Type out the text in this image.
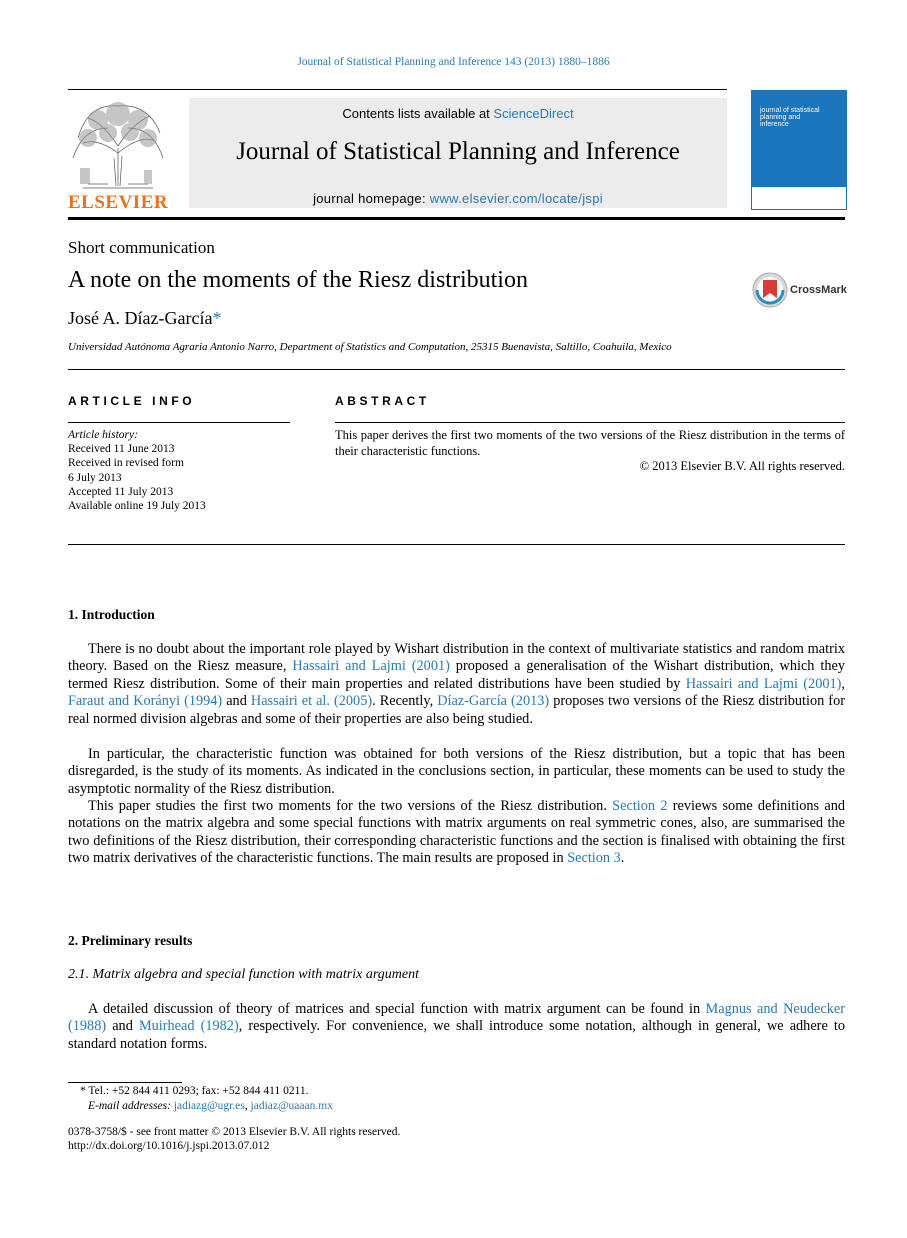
Journal of Statistical Planning and Inference 143 (2013) 1880–1886
ELSEVIER
Contents lists available at ScienceDirect
Journal of Statistical Planning and Inference
journal homepage: www.elsevier.com/locate/jspi
journal of statistical planning and inference
Short communication
A note on the moments of the Riesz distribution	CrossMark
José A. Díaz-García*
Universidad Autónoma Agraria Antonio Narro, Department of Statistics and Computation, 25315 Buenavista, Saltillo, Coahuila, Mexico
ARTICLE INFO
Article history:
Received 11 June 2013
Received in revised form
6 July 2013
Accepted 11 July 2013
Available online 19 July 2013
ABSTRACT
This paper derives the first two moments of the two versions of the Riesz distribution in the terms of their characteristic functions.
© 2013 Elsevier B.V. All rights reserved.
1. Introduction

There is no doubt about the important role played by Wishart distribution in the context of multivariate statistics and random matrix theory. Based on the Riesz measure, Hassairi and Lajmi (2001) proposed a generalisation of the Wishart distribution, which they termed Riesz distribution. Some of their main properties and related distributions have been studied by Hassairi and Lajmi (2001), Faraut and Korányi (1994) and Hassairi et al. (2005). Recently, Díaz-García (2013) proposes two versions of the Riesz distribution for real normed division algebras and some of their properties are also being studied.

In particular, the characteristic function was obtained for both versions of the Riesz distribution, but a topic that has been disregarded, is the study of its moments. As indicated in the conclusions section, in particular, these moments can be used to study the asymptotic normality of the Riesz distribution.

This paper studies the first two moments for the two versions of the Riesz distribution. Section 2 reviews some definitions and notations on the matrix algebra and some special functions with matrix arguments on real symmetric cones, also, are summarised the two definitions of the Riesz distribution, their corresponding characteristic functions and the section is finalised with obtaining the first two matrix derivatives of the characteristic functions. The main results are proposed in Section 3.

2. Preliminary results
2.1. Matrix algebra and special function with matrix argument

A detailed discussion of theory of matrices and special function with matrix argument can be found in Magnus and Neudecker (1988) and Muirhead (1982), respectively. For convenience, we shall introduce some notation, although in general, we adhere to standard notation forms.

* Tel.: +52 844 411 0293; fax: +52 844 411 0211.
E-mail addresses: jadiazg@ugr.es, jadiaz@uaaan.mx
0378-3758/$ - see front matter © 2013 Elsevier B.V. All rights reserved.
http://dx.doi.org/10.1016/j.jspi.2013.07.012
